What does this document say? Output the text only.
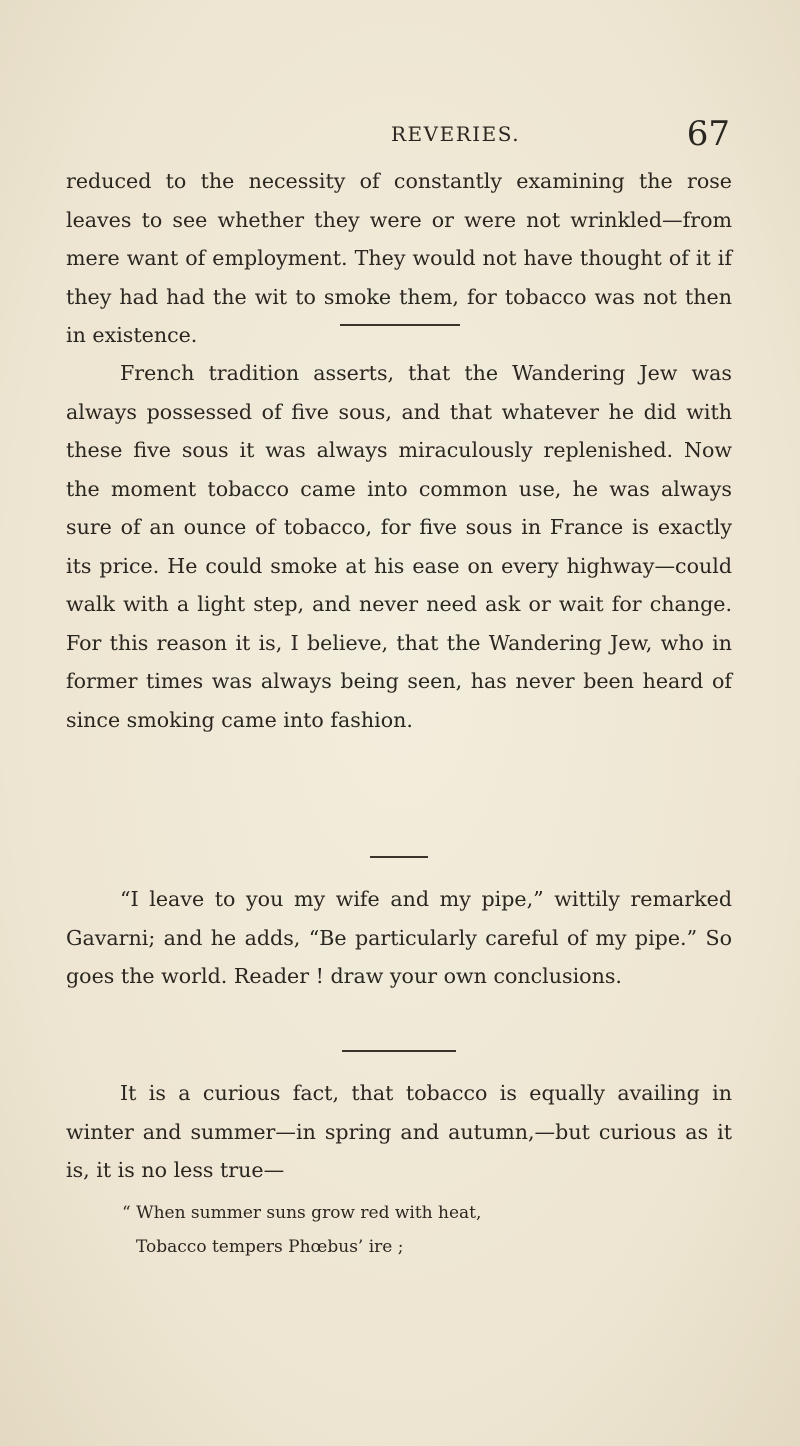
REVERIES.	67

reduced to the necessity of constantly examining the rose leaves to see whether they were or were not wrinkled—from mere want of employment. They would not have thought of it if they had had the wit to smoke them, for tobacco was not then in existence.

French tradition asserts, that the Wandering Jew was always possessed of five sous, and that whatever he did with these five sous it was always miraculously replenished. Now the moment tobacco came into common use, he was always sure of an ounce of tobacco, for five sous in France is exactly its price. He could smoke at his ease on every highway—could walk with a light step, and never need ask or wait for change. For this reason it is, I believe, that the Wandering Jew, who in former times was always being seen, has never been heard of since smoking came into fashion.

“I leave to you my wife and my pipe,” wittily remarked Gavarni; and he adds, “Be particularly careful of my pipe.” So goes the world. Reader ! draw your own conclusions.

It is a curious fact, that tobacco is equally availing in winter and summer—in spring and autumn,—but curious as it is, it is no less true—

“ When summer suns grow red with heat,
Tobacco tempers Phœbus’ ire ;
